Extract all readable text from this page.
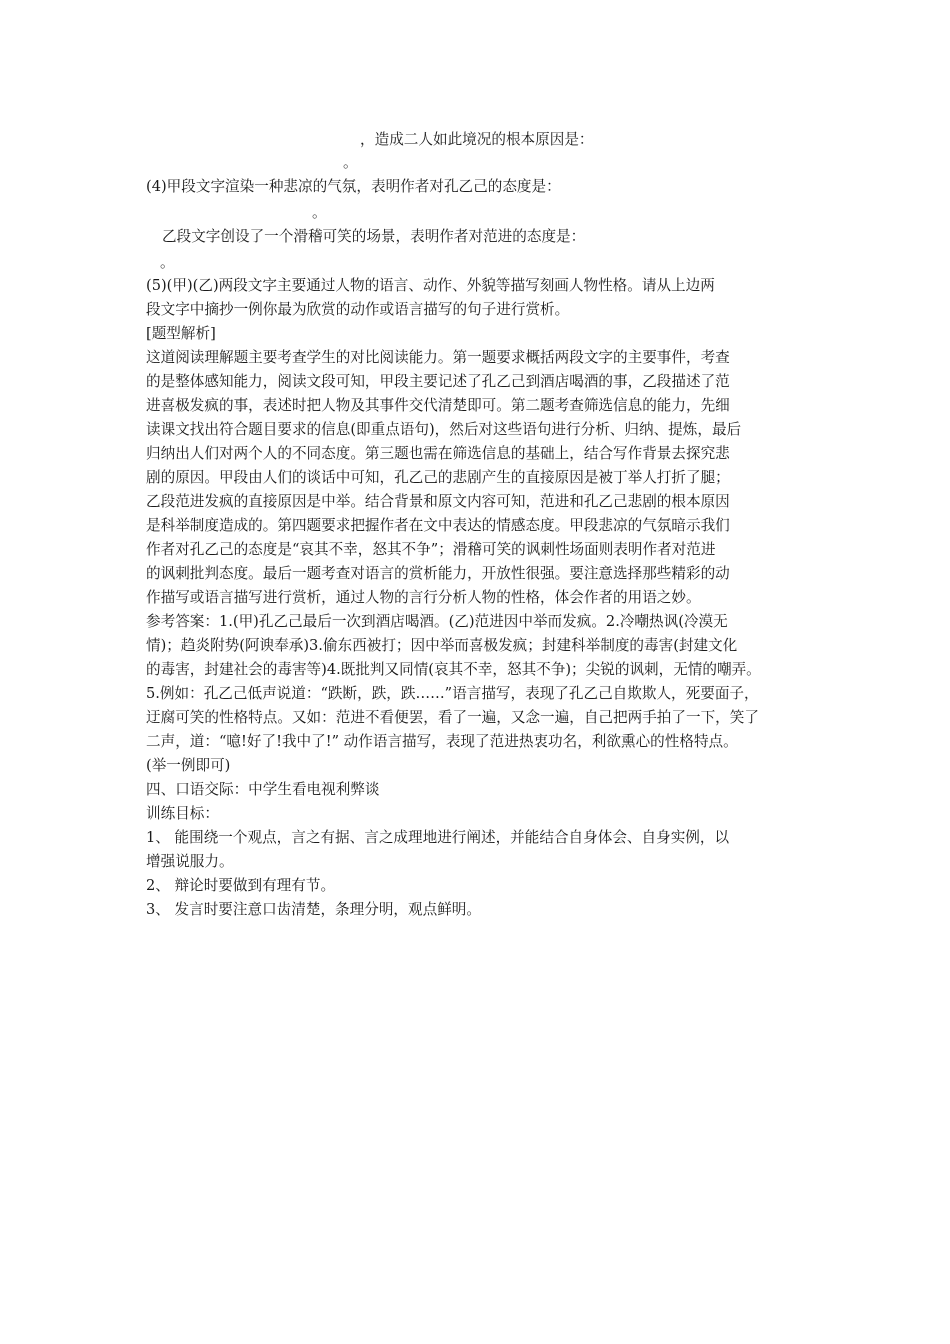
，造成二人如此境况的根本原因是：
。
(4)甲段文字渲染一种悲凉的气氛，表明作者对孔乙己的态度是：
。
乙段文字创设了一个滑稽可笑的场景，表明作者对范进的态度是：
。
(5)(甲)(乙)两段文字主要通过人物的语言、动作、外貌等描写刻画人物性格。请从上边两
段文字中摘抄一例你最为欣赏的动作或语言描写的句子进行赏析。
[题型解析]
这道阅读理解题主要考查学生的对比阅读能力。第一题要求概括两段文字的主要事件，考查
的是整体感知能力，阅读文段可知，甲段主要记述了孔乙己到酒店喝酒的事，乙段描述了范
进喜极发疯的事，表述时把人物及其事件交代清楚即可。第二题考查筛选信息的能力，先细
读课文找出符合题目要求的信息(即重点语句)，然后对这些语句进行分析、归纳、提炼，最后
归纳出人们对两个人的不同态度。第三题也需在筛选信息的基础上，结合写作背景去探究悲
剧的原因。甲段由人们的谈话中可知，孔乙己的悲剧产生的直接原因是被丁举人打折了腿；
乙段范进发疯的直接原因是中举。结合背景和原文内容可知，范进和孔乙己悲剧的根本原因
是科举制度造成的。第四题要求把握作者在文中表达的情感态度。甲段悲凉的气氛暗示我们
作者对孔乙己的态度是“哀其不幸，怒其不争”；滑稽可笑的讽刺性场面则表明作者对范进
的讽刺批判态度。最后一题考查对语言的赏析能力，开放性很强。要注意选择那些精彩的动
作描写或语言描写进行赏析，通过人物的言行分析人物的性格，体会作者的用语之妙。
参考答案：1.(甲)孔乙己最后一次到酒店喝酒。(乙)范进因中举而发疯。2.冷嘲热讽(冷漠无
情)；趋炎附势(阿谀奉承)3.偷东西被打；因中举而喜极发疯；封建科举制度的毒害(封建文化
的毒害，封建社会的毒害等)4.既批判又同情(哀其不幸，怒其不争)；尖锐的讽刺，无情的嘲弄。
5.例如：孔乙己低声说道：“跌断，跌，跌……”语言描写，表现了孔乙己自欺欺人，死要面子，
迂腐可笑的性格特点。又如：范进不看便罢，看了一遍，又念一遍，自己把两手拍了一下，笑了
二声，道：“噫!好了!我中了!” 动作语言描写，表现了范进热衷功名，利欲熏心的性格特点。
(举一例即可)
四、口语交际：中学生看电视利弊谈
训练目标：
1、 能围绕一个观点，言之有据、言之成理地进行阐述，并能结合自身体会、自身实例，以
增强说服力。
2、 辩论时要做到有理有节。
3、 发言时要注意口齿清楚，条理分明，观点鲜明。
